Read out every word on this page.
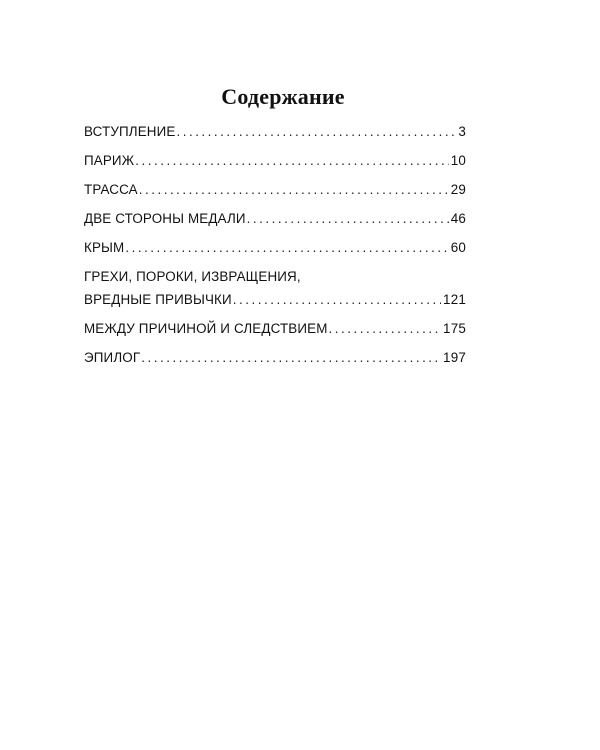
Содержание
ВСТУПЛЕНИЕ . . .	3
ПАРИЖ . . .	10
ТРАССА . . .	29
ДВЕ СТОРОНЫ МЕДАЛИ . . .	46
КРЫМ . . .	60
ГРЕХИ, ПОРОКИ, ИЗВРАЩЕНИЯ,
ВРЕДНЫЕ ПРИВЫЧКИ . . .	121
МЕЖДУ ПРИЧИНОЙ И СЛЕДСТВИЕМ . . .	175
ЭПИЛОГ . . .	197
